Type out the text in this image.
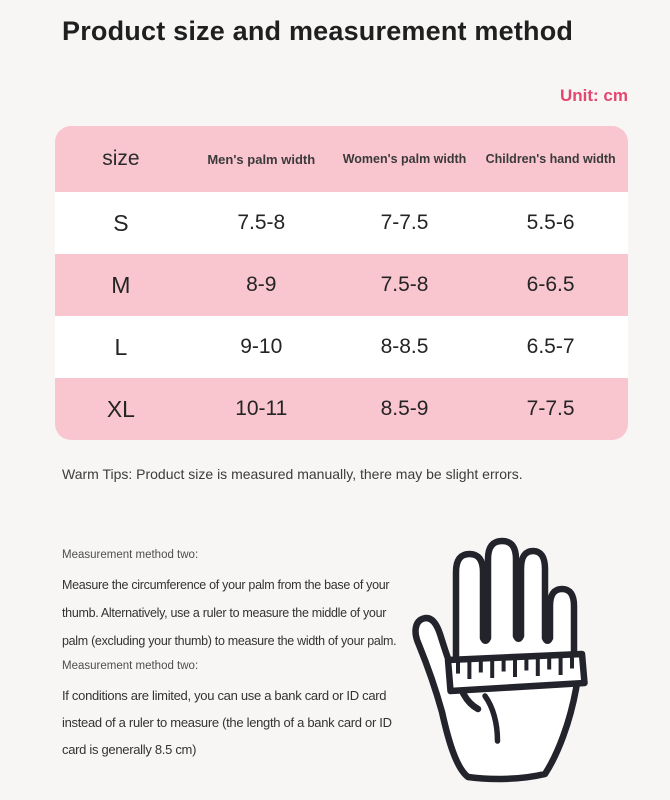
Product size and measurement method
Unit: cm
size	Men's palm width	Women's palm width	Children's hand width
S	7.5-8	7-7.5	5.5-6
M	8-9	7.5-8	6-6.5
L	9-10	8-8.5	6.5-7
XL	10-11	8.5-9	7-7.5
Warm Tips: Product size is measured manually, there may be slight errors.
Measurement method two:
Measure the circumference of your palm from the base of your thumb. Alternatively, use a ruler to measure the middle of your palm (excluding your thumb) to measure the width of your palm.
Measurement method two:
If conditions are limited, you can use a bank card or ID card instead of a ruler to measure (the length of a bank card or ID card is generally 8.5 cm)
